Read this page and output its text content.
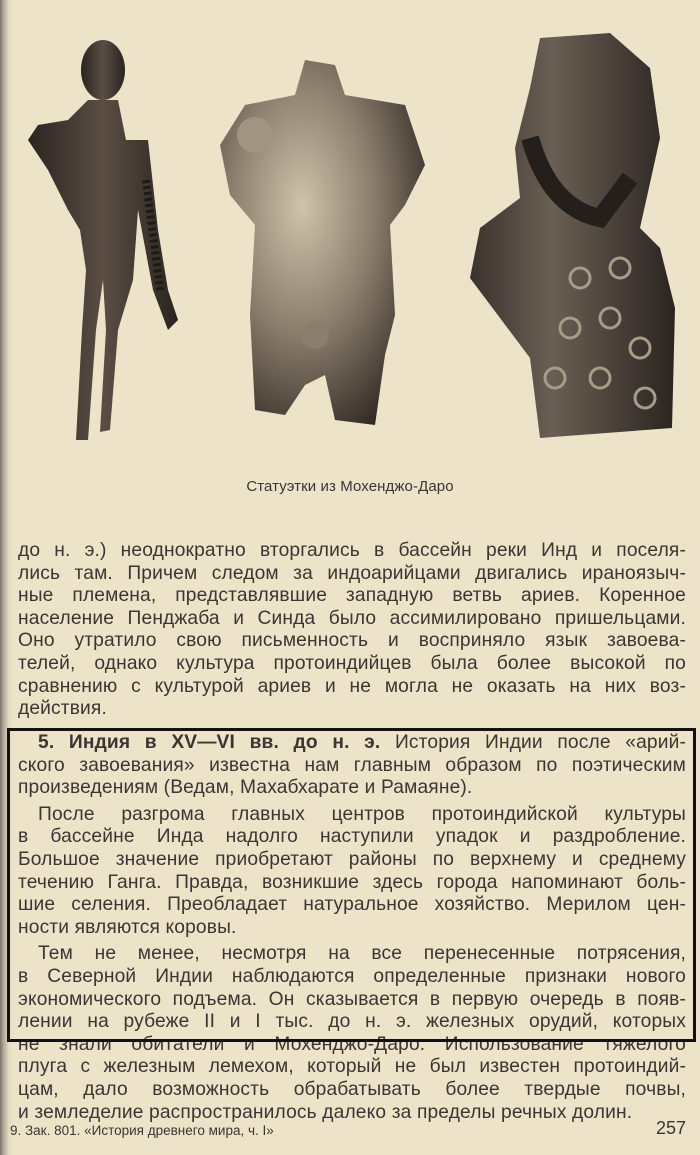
Статуэтки из Мохенджо-Даро
до н. э.) неоднократно вторгались в бассейн реки Инд и поселя-
лись там. Причем следом за индоарийцами двигались ираноязыч-
ные племена, представлявшие западную ветвь ариев. Коренное
население Пенджаба и Синда было ассимилировано пришельцами.
Оно утратило свою письменность и восприняло язык завоева-
телей, однако культура протоиндийцев была более высокой по
сравнению с культурой ариев и не могла не оказать на них воз-
действия.
5. Индия в XV—VI вв. до н. э. История Индии после «арий-
ского завоевания» известна нам главным образом по поэтическим
произведениям (Ведам, Махабхарате и Рамаяне).
После разгрома главных центров протоиндийской культуры
в бассейне Инда надолго наступили упадок и раздробление.
Большое значение приобретают районы по верхнему и среднему
течению Ганга. Правда, возникшие здесь города напоминают боль-
шие селения. Преобладает натуральное хозяйство. Мерилом цен-
ности являются коровы.
Тем не менее, несмотря на все перенесенные потрясения,
в Северной Индии наблюдаются определенные признаки нового
экономического подъема. Он сказывается в первую очередь в появ-
лении на рубеже II и I тыс. до н. э. железных орудий, которых
не знали обитатели и Мохенджо-Даро. Использование тяжелого
плуга с железным лемехом, который не был известен протоиндий-
цам, дало возможность обрабатывать более твердые почвы,
и земледелие распространилось далеко за пределы речных долин.
9. Зак. 801. «История древнего мира, ч. I»	257
